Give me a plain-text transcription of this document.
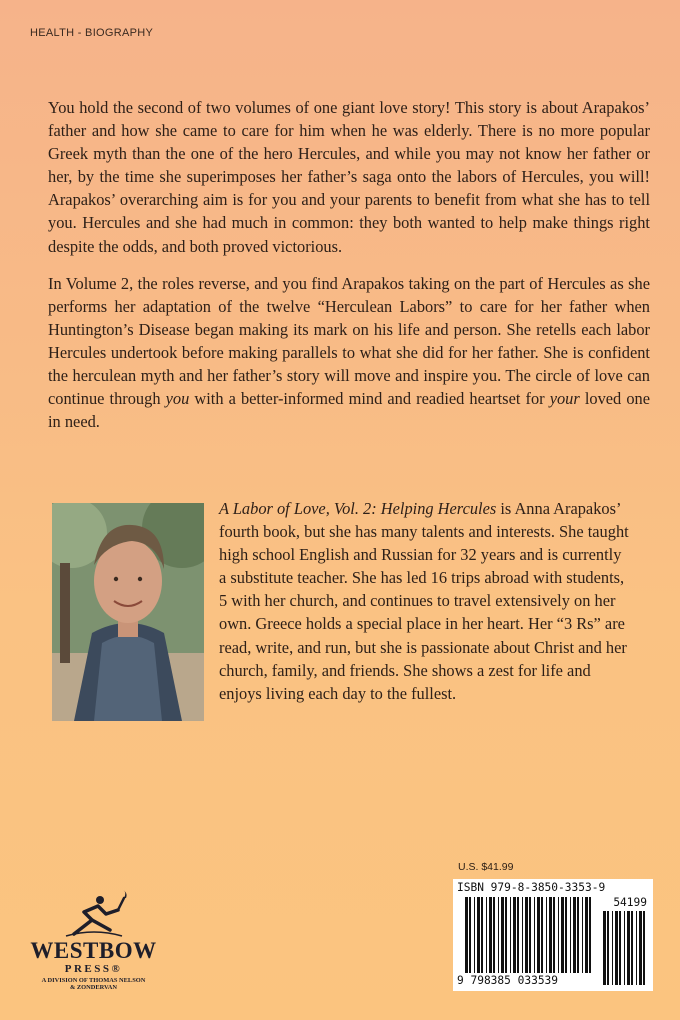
HEALTH - BIOGRAPHY

You hold the second of two volumes of one giant love story! This story is about Arapakos’ father and how she came to care for him when he was elderly. There is no more popular Greek myth than the one of the hero Hercules, and while you may not know her father or her, by the time she superimposes her father’s saga onto the labors of Hercules, you will! Arapakos’ overarching aim is for you and your parents to benefit from what she has to tell you. Hercules and she had much in common: they both wanted to help make things right despite the odds, and both proved victorious.

In Volume 2, the roles reverse, and you find Arapakos taking on the part of Hercules as she performs her adaptation of the twelve “Herculean Labors” to care for her father when Huntington’s Disease began making its mark on his life and person. She retells each labor Hercules undertook before making parallels to what she did for her father. She is confident the herculean myth and her father’s story will move and inspire you. The circle of love can continue through you with a better-informed mind and readied heartset for your loved one in need.

A Labor of Love, Vol. 2: Helping Hercules is Anna Arapakos’ fourth book, but she has many talents and interests. She taught high school English and Russian for 32 years and is currently a substitute teacher. She has led 16 trips abroad with students, 5 with her church, and continues to travel extensively on her own. Greece holds a special place in her heart. Her “3 Rs” are read, write, and run, but she is passionate about Christ and her church, family, and friends. She shows a zest for life and enjoys living each day to the fullest.
U.S. $41.99
ISBN 979-8-3850-3353-9
54199
9 798385 033539
WESTBOW
PRESS®
A DIVISION OF THOMAS NELSON
& ZONDERVAN
